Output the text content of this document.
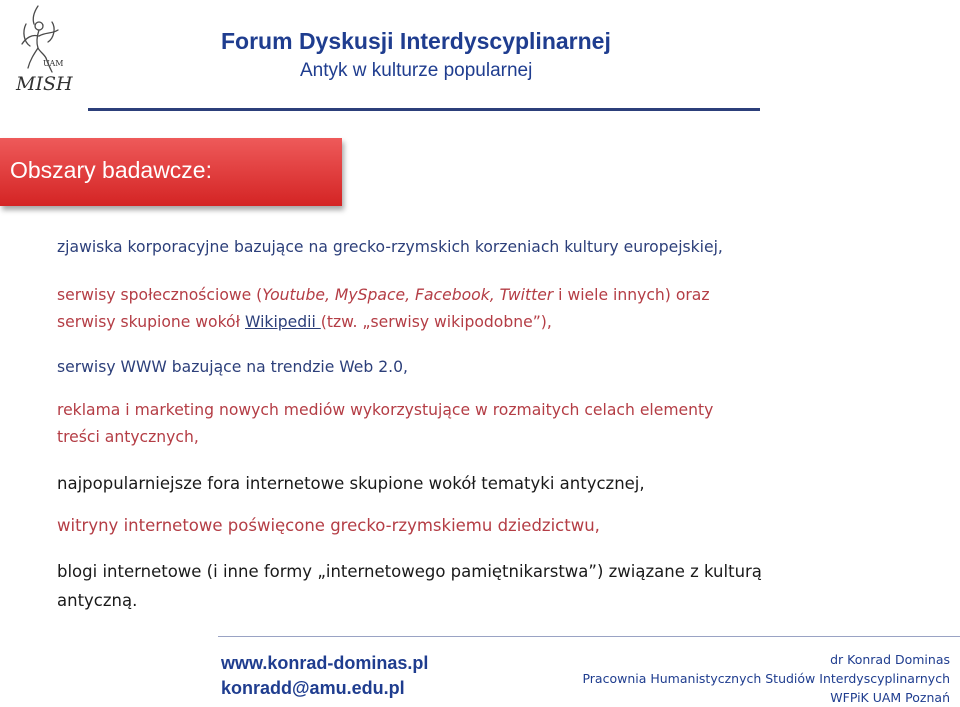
UAM
MISH
Forum Dyskusji Interdyscyplinarnej
Antyk w kulturze popularnej
Obszary badawcze:
zjawiska korporacyjne bazujące na grecko-rzymskich korzeniach kultury europejskiej,
serwisy społecznościowe (Youtube, MySpace, Facebook, Twitter i wiele innych) oraz
serwisy skupione wokół Wikipedii (tzw. „serwisy wikipodobne”),
serwisy WWW bazujące na trendzie Web 2.0,
reklama i marketing nowych mediów wykorzystujące w rozmaitych celach elementy
treści antycznych,
najpopularniejsze fora internetowe skupione wokół tematyki antycznej,
witryny internetowe poświęcone grecko-rzymskiemu dziedzictwu,
blogi internetowe (i inne formy „internetowego pamiętnikarstwa”) związane z kulturą
antyczną.
www.konrad-dominas.pl
konradd@amu.edu.pl
dr Konrad Dominas
Pracownia Humanistycznych Studiów Interdyscyplinarnych
WFPiK UAM Poznań
